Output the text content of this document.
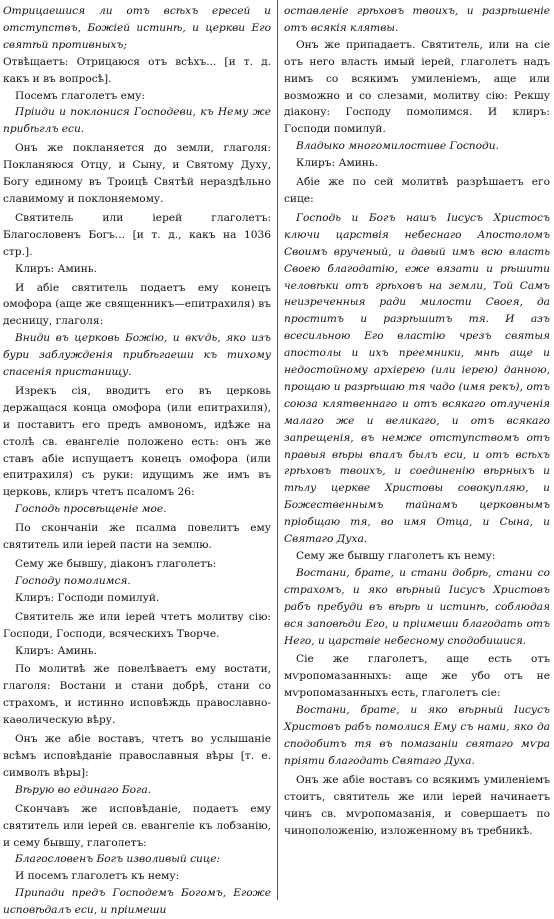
Отрицаешися ли отъ всѣхъ ересей и отступствъ, Божіей истинѣ, и церкви Его святѣй противныхъ;

Отвѣщаетъ: Отрицаюся отъ всѣхъ... [и т. д. какъ и въ вопросѣ].

Посемъ глаголетъ ему:

Пріиди и поклонися Господеви, къ Нему же прибѣглъ еси.

Онъ же покланяется до земли, глаголя: Покланяюся Отцу, и Сыну, и Святому Духу, Богу единому въ Троицѣ Святѣй нераздѣльно славимому и поклоняемому.

Святитель или іерей глаголетъ: Благословенъ Богъ... [и т. д., какъ на 1036 стр.].

Клиръ: Аминь.

И абіе святитель подаетъ ему конецъ омофора (аще же священникъ—епитрахиля) въ десницу, глаголя:

Вниди въ церковь Божію, и вкѵдь, яко изъ бури заблужденія прибѣгаеши къ тихому спасенія пристанищу.

Изрекъ сія, вводитъ его въ церковь держащася конца омофора (или епитрахиля), и поставитъ его предъ амвономъ, идѣже на столѣ св. евангеліе положено есть: онъ же ставъ абіе испущаетъ конецъ омофора (или епитрахиля) съ руки: идущимъ же имъ въ церковь, клиръ чтетъ псаломъ 26:

Господь просвѣщеніе мое.

По скончаніи же псалма повелитъ ему святитель или іерей пасти на землю.

Сему же бывшу, діаконъ глаголетъ:

Господу помолимся.

Клиръ: Господи помилуй.

Святитель же или іерей чтетъ молитву сію: Господи, Господи, всяческихъ Творче.

Клиръ: Аминь.

По молитвѣ же повелѣваетъ ему востати, глаголя: Востани и стани добрѣ, стани со страхомъ, и истинно исповѣждь православно-каѳолическую вѣру.

Онъ же абіе воставъ, чтетъ во услышаніе всѣмъ исповѣданіе православныя вѣры [т. е. символъ вѣры]:

Вѣрую во единаго Бога.

Скончавъ же исповѣданіе, подаетъ ему святитель или іерей св. евангеліе къ лобзанію, и сему бывшу, глаголетъ:

Благословенъ Богъ изволивый сице:

И посемъ глаголетъ къ нему:

Припади предъ Господемъ Богомъ, Егоже исповѣдалъ еси, и пріимеши

оставленіе грѣховъ твоихъ, и разрѣшеніе отъ всякія клятвы.

Онъ же припадаетъ. Святитель, или на сіе отъ него власть имый іерей, глаголетъ надъ нимъ со всякимъ умиленіемъ, аще или возможно и со слезами, молитву сію: Рекшу діакону: Господу помолимся. И клиръ: Господи помилуй.

Владыко многомилостиве Господи.

Клиръ: Аминь.

Абіе же по сей молитвѣ разрѣшаетъ его сице:

Господь и Богъ нашъ Іисусъ Христосъ ключи царствія небеснаго Апостоломъ Своимъ врученый, и давый имъ всю власть Своею благодатію, еже вязати и рѣшити человѣки отъ грѣховъ на земли, Той Самъ неизреченныя ради милости Своея, да проститъ и разрѣшитъ тя. И азъ всесильною Его властію чрезъ святыя апостолы и ихъ преемники, мнѣ аще и недостойному архіерею (или іерею) данною, прощаю и разрѣшаю тя чадо (имя рекъ), отъ союза клятвеннаго и отъ всякаго отлученія малаго же и великаго, и отъ всякаго запрещенія, въ немже отступствомъ отъ правыя вѣры впалъ былъ еси, и отъ всѣхъ грѣховъ твоихъ, и соединенію вѣрныхъ и тѣлу церкве Христовы совокупляю, и Божественнымъ тайнамъ церковнымъ пріобщаю тя, во имя Отца, и Сына, и Святаго Духа.

Сему же бывшу глаголетъ къ нему:

Востани, брате, и стани добрѣ, стани со страхомъ, и яко вѣрный Іисусъ Христовъ рабъ пребуди въ вѣрѣ и истинѣ, соблюдая вся заповѣди Его, и пріимеши благодать отъ Него, и царствіе небесному сподобишися.

Сіе же глаголетъ, аще есть отъ мѵропомазанныхъ: аще же убо отъ не мѵропомазанныхъ есть, глаголетъ сіе:

Востани, брате, и яко вѣрный Іисусъ Христовъ рабъ помолися Ему съ нами, яко да сподобитъ тя въ помазаніи святаго мѵра пріяти благодать Святаго Духа.

Онъ же абіе воставъ со всякимъ умиленіемъ стоитъ, святитель же или іерей начинаетъ чинъ св. мѵропомазанія, и совершаетъ по чиноположенію, изложенному въ требникѣ.
